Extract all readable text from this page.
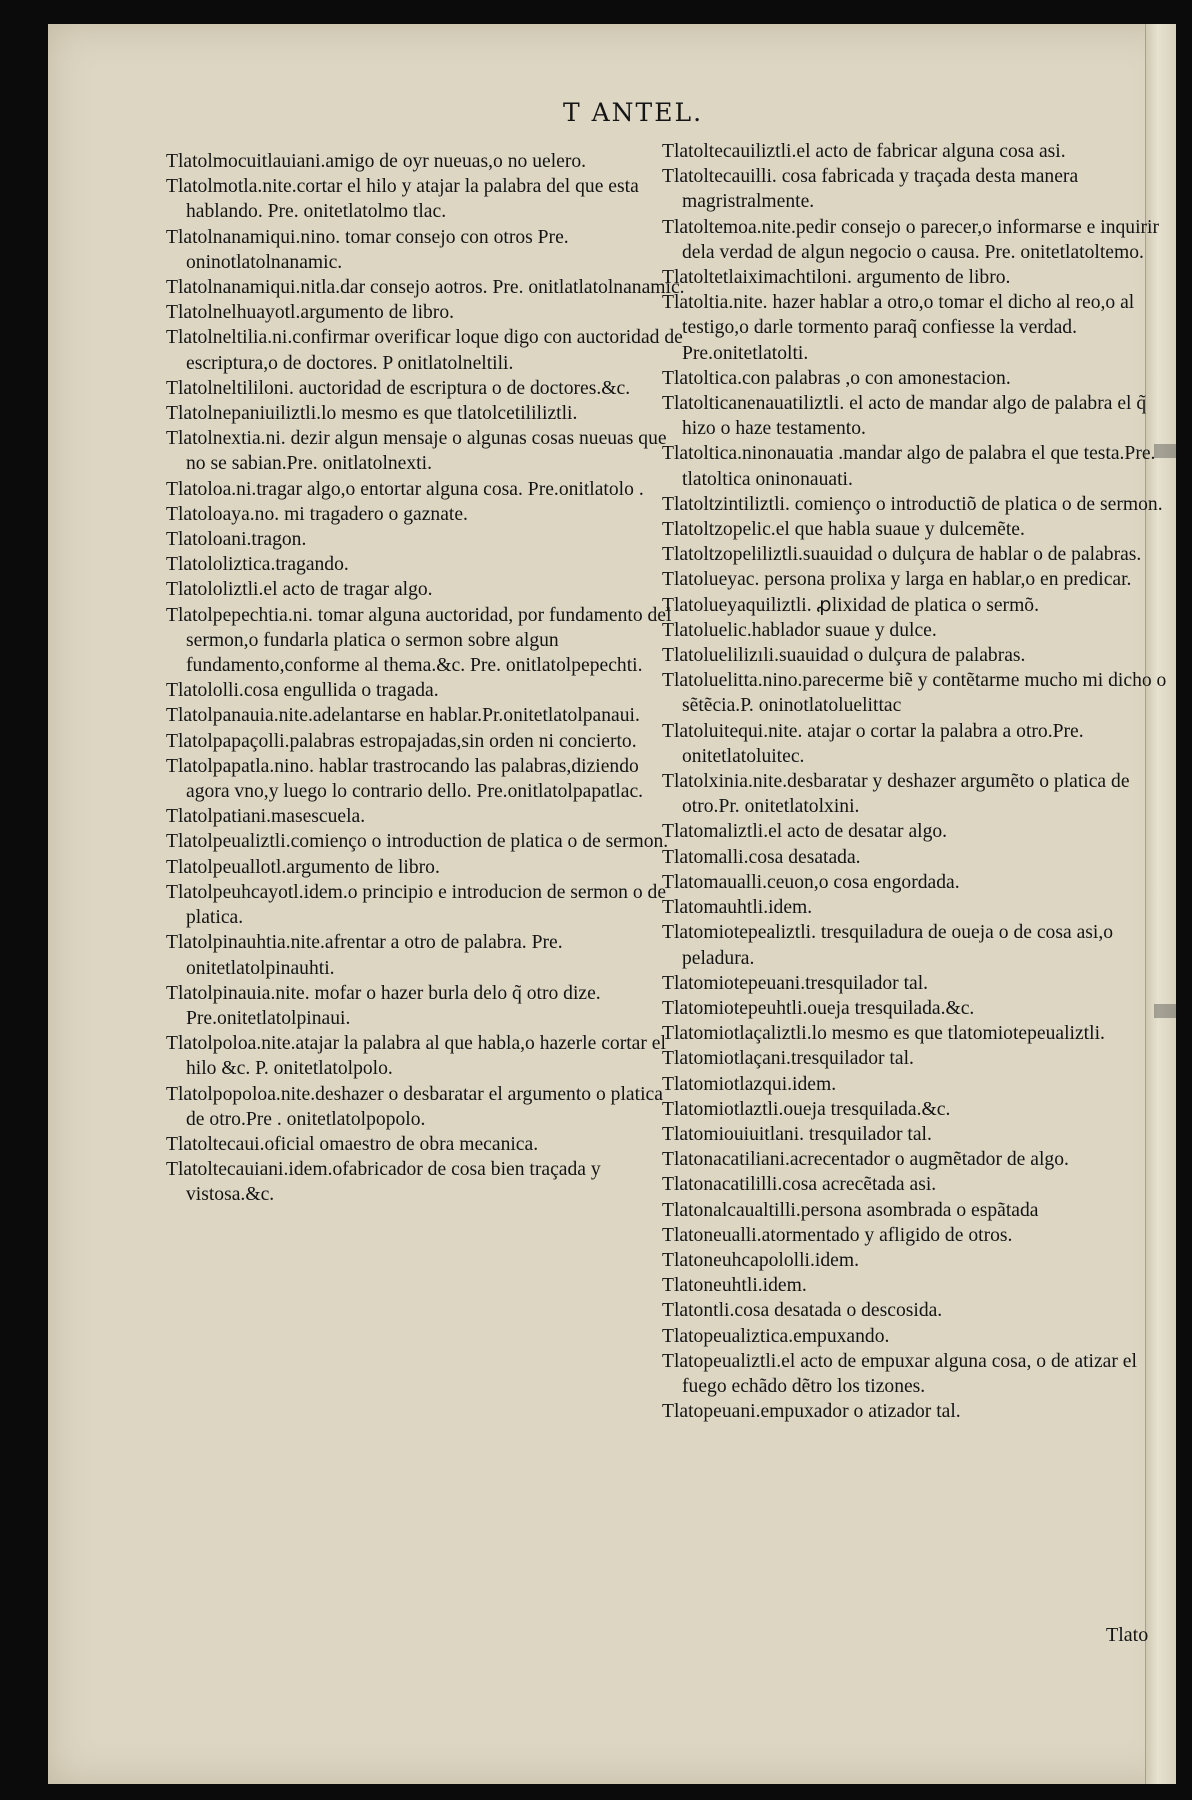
T ANTEL.

Tlatolmocuitlauiani.amigo de oyr nueuas,o no uelero.

Tlatolmotla.nite.cortar el hilo y atajar la palabra del que esta hablando. Pre. onitetlatolmo tlac.

Tlatolnanamiqui.nino. tomar consejo con otros Pre. oninotlatolnanamic.

Tlatolnanamiqui.nitla.dar consejo aotros. Pre. onitlatlatolnanamic.

Tlatolnelhuayotl.argumento de libro.

Tlatolneltilia.ni.confirmar overificar loque digo con auctoridad de escriptura,o de doctores. P onitlatolneltili.

Tlatolneltililoni. auctoridad de escriptura o de doctores.&c.

Tlatolnepaniuiliztli.lo mesmo es que tlatolcetililiztli.

Tlatolnextia.ni. dezir algun mensaje o algunas cosas nueuas que no se sabian.Pre. onitlatolnexti.

Tlatoloa.ni.tragar algo,o entortar alguna cosa. Pre.onitlatolo .

Tlatoloaya.no. mi tragadero o gaznate.

Tlatoloani.tragon.

Tlatololiztica.tragando.

Tlatololiztli.el acto de tragar algo.

Tlatolpepechtia.ni. tomar alguna auctoridad, por fundamento del sermon,o fundarla platica o sermon sobre algun fundamento,conforme al thema.&c. Pre. onitlatolpepechti.

Tlatololli.cosa engullida o tragada.

Tlatolpanauia.nite.adelantarse en hablar.Pr.onitetlatolpanaui.

Tlatolpapaçolli.palabras estropajadas,sin orden ni concierto.

Tlatolpapatla.nino. hablar trastrocando las palabras,diziendo agora vno,y luego lo contrario dello. Pre.onitlatolpapatlac.

Tlatolpatiani.masescuela.

Tlatolpeualiztli.comienço o introduction de platica o de sermon.

Tlatolpeuallotl.argumento de libro.

Tlatolpeuhcayotl.idem.o principio e introducion de sermon o de platica.

Tlatolpinauhtia.nite.afrentar a otro de palabra. Pre. onitetlatolpinauhti.

Tlatolpinauia.nite. mofar o hazer burla delo q̃ otro dize. Pre.onitetlatolpinaui.

Tlatolpoloa.nite.atajar la palabra al que habla,o hazerle cortar el hilo &c. P. onitetlatolpolo.

Tlatolpopoloa.nite.deshazer o desbaratar el argumento o platica de otro.Pre . onitetlatolpopolo.

Tlatoltecaui.oficial omaestro de obra mecanica.

Tlatoltecauiani.idem.ofabricador de cosa bien traçada y vistosa.&c.

Tlatoltecauiliztli.el acto de fabricar alguna cosa asi.

Tlatoltecauilli. cosa fabricada y traçada desta manera magristralmente.

Tlatoltemoa.nite.pedir consejo o parecer,o informarse e inquirir dela verdad de algun negocio o causa. Pre. onitetlatoltemo.

Tlatoltetlaiximachtiloni. argumento de libro.

Tlatoltia.nite. hazer hablar a otro,o tomar el dicho al reo,o al testigo,o darle tormento paraq̃ confiesse la verdad. Pre.onitetlatolti.

Tlatoltica.con palabras ,o con amonestacion.

Tlatolticanenauatiliztli. el acto de mandar algo de palabra el q̃ hizo o haze testamento.

Tlatoltica.ninonauatia .mandar algo de palabra el que testa.Pre. tlatoltica oninonauati.

Tlatoltzintiliztli. comienço o introductiõ de platica o de sermon.

Tlatoltzopelic.el que habla suaue y dulcemẽte.

Tlatoltzopeliliztli.suauidad o dulçura de hablar o de palabras.

Tlatolueyac. persona prolixa y larga en hablar,o en predicar.

Tlatolueyaquiliztli. ꝓlixidad de platica o sermõ.

Tlatoluelic.hablador suaue y dulce.

Tlatoluelilizıli.suauidad o dulçura de palabras.

Tlatoluelitta.nino.parecerme biẽ y contẽtarme mucho mi dicho o sẽtẽcia.P. oninotlatoluelittac

Tlatoluitequi.nite. atajar o cortar la palabra a otro.Pre. onitetlatoluitec.

Tlatolxinia.nite.desbaratar y deshazer argumẽto o platica de otro.Pr. onitetlatolxini.

Tlatomaliztli.el acto de desatar algo.

Tlatomalli.cosa desatada.

Tlatomaualli.ceuon,o cosa engordada.

Tlatomauhtli.idem.

Tlatomiotepealiztli. tresquiladura de oueja o de cosa asi,o peladura.

Tlatomiotepeuani.tresquilador tal.

Tlatomiotepeuhtli.oueja tresquilada.&c.

Tlatomiotlaçaliztli.lo mesmo es que tlatomiotepeualiztli.

Tlatomiotlaçani.tresquilador tal.

Tlatomiotlazqui.idem.

Tlatomiotlaztli.oueja tresquilada.&c.

Tlatomiouiuitlani. tresquilador tal.

Tlatonacatiliani.acrecentador o augmẽtador de algo.

Tlatonacatililli.cosa acrecẽtada asi.

Tlatonalcaualtilli.persona asombrada o espãtada

Tlatoneualli.atormentado y afligido de otros.

Tlatoneuhcapololli.idem.

Tlatoneuhtli.idem.

Tlatontli.cosa desatada o descosida.

Tlatopeualiztica.empuxando.

Tlatopeualiztli.el acto de empuxar alguna cosa, o de atizar el fuego echãdo dẽtro los tizones.

Tlatopeuani.empuxador o atizador tal.

Tlato
